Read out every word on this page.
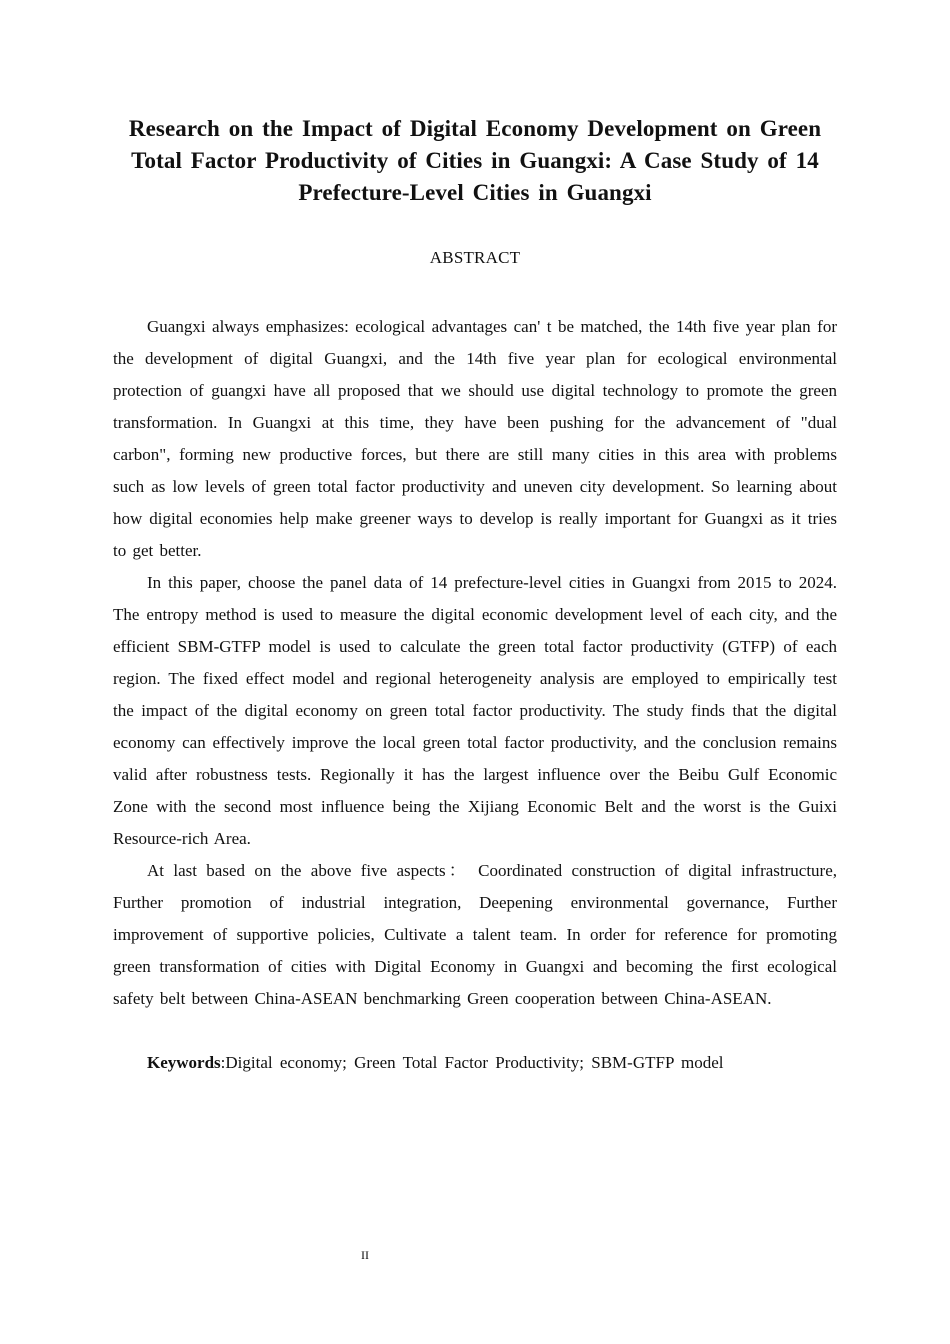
Research on the Impact of Digital Economy Development on Green Total Factor Productivity of Cities in Guangxi: A Case Study of 14 Prefecture-Level Cities in Guangxi
ABSTRACT

Guangxi always emphasizes: ecological advantages can' t be matched, the 14th five year plan for the development of digital Guangxi, and the 14th five year plan for ecological environmental protection of guangxi have all proposed that we should use digital technology to promote the green transformation. In Guangxi at this time, they have been pushing for the advancement of "dual carbon", forming new productive forces, but there are still many cities in this area with problems such as low levels of green total factor productivity and uneven city development. So learning about how digital economies help make greener ways to develop is really important for Guangxi as it tries to get better.

In this paper, choose the panel data of 14 prefecture-level cities in Guangxi from 2015 to 2024. The entropy method is used to measure the digital economic development level of each city, and the efficient SBM-GTFP model is used to calculate the green total factor productivity (GTFP) of each region. The fixed effect model and regional heterogeneity analysis are employed to empirically test the impact of the digital economy on green total factor productivity. The study finds that the digital economy can effectively improve the local green total factor productivity, and the conclusion remains valid after robustness tests. Regionally it has the largest influence over the Beibu Gulf Economic Zone with the second most influence being the Xijiang Economic Belt and the worst is the Guixi Resource-rich Area.

At last based on the above five aspects： Coordinated construction of digital infrastructure, Further promotion of industrial integration, Deepening environmental governance, Further improvement of supportive policies, Cultivate a talent team. In order for reference for promoting green transformation of cities with Digital Economy in Guangxi and becoming the first ecological safety belt between China-ASEAN benchmarking Green cooperation between China-ASEAN.

Keywords:Digital economy; Green Total Factor Productivity; SBM-GTFP model
II
